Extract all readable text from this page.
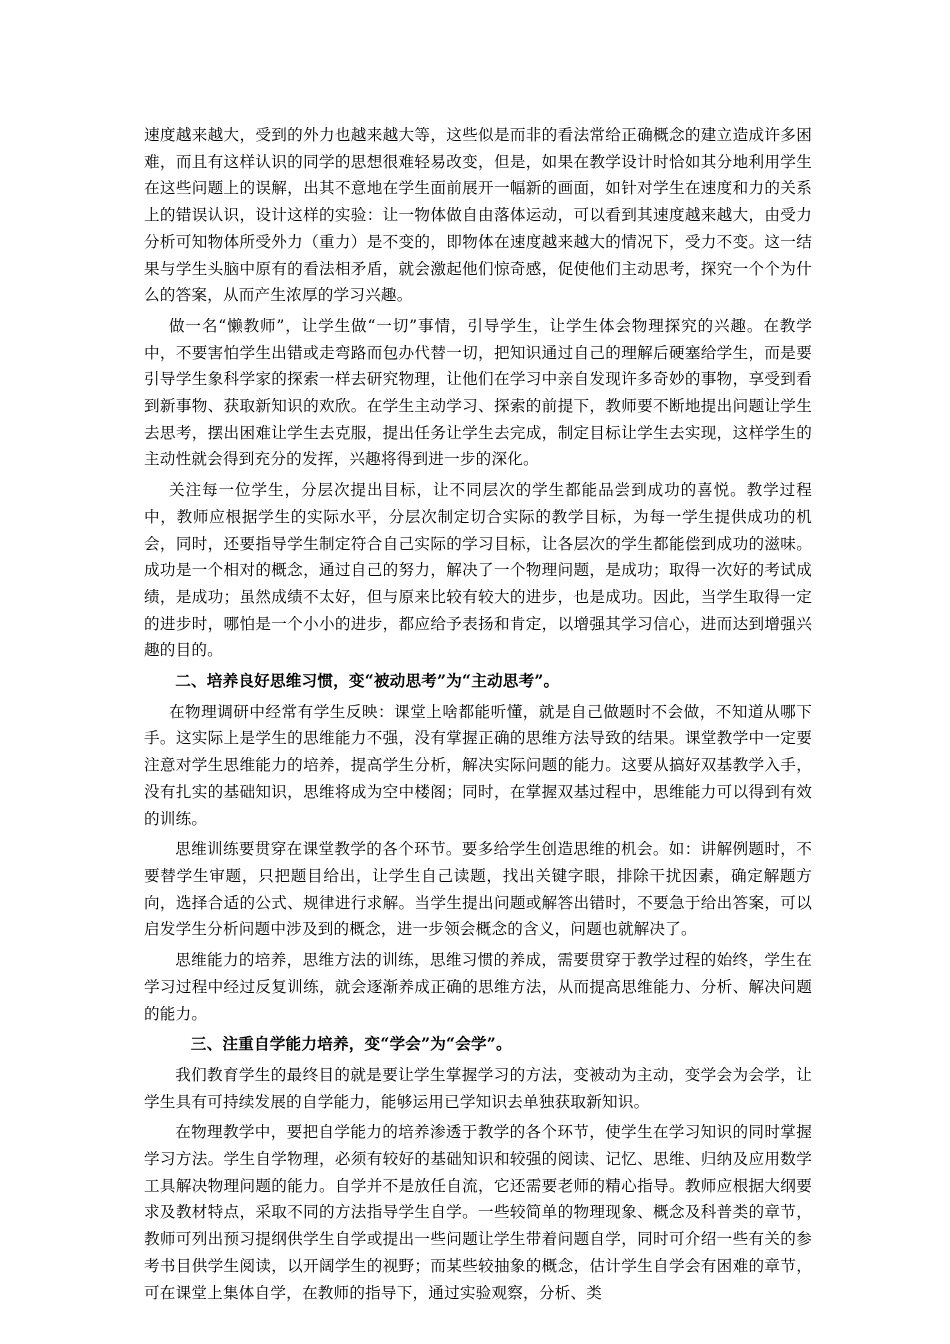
速度越来越大，受到的外力也越来越大等，这些似是而非的看法常给正确概念的建立造成许多困难，而且有这样认识的同学的思想很难轻易改变，但是，如果在教学设计时恰如其分地利用学生在这些问题上的误解，出其不意地在学生面前展开一幅新的画面，如针对学生在速度和力的关系上的错误认识，设计这样的实验：让一物体做自由落体运动，可以看到其速度越来越大，由受力分析可知物体所受外力（重力）是不变的，即物体在速度越来越大的情况下，受力不变。这一结果与学生头脑中原有的看法相矛盾，就会激起他们惊奇感，促使他们主动思考，探究一个个为什么的答案，从而产生浓厚的学习兴趣。

做一名“懒教师”，让学生做“一切”事情，引导学生，让学生体会物理探究的兴趣。在教学中，不要害怕学生出错或走弯路而包办代替一切，把知识通过自己的理解后硬塞给学生，而是要引导学生象科学家的探索一样去研究物理，让他们在学习中亲自发现许多奇妙的事物，享受到看到新事物、获取新知识的欢欣。在学生主动学习、探索的前提下，教师要不断地提出问题让学生去思考，摆出困难让学生去克服，提出任务让学生去完成，制定目标让学生去实现，这样学生的主动性就会得到充分的发挥，兴趣将得到进一步的深化。

关注每一位学生，分层次提出目标，让不同层次的学生都能品尝到成功的喜悦。教学过程中，教师应根据学生的实际水平，分层次制定切合实际的教学目标，为每一学生提供成功的机会，同时，还要指导学生制定符合自己实际的学习目标，让各层次的学生都能偿到成功的滋味。成功是一个相对的概念，通过自己的努力，解决了一个物理问题，是成功；取得一次好的考试成绩，是成功；虽然成绩不太好，但与原来比较有较大的进步，也是成功。因此，当学生取得一定的进步时，哪怕是一个小小的进步，都应给予表扬和肯定，以增强其学习信心，进而达到增强兴趣的目的。

二、培养良好思维习惯，变“被动思考”为“主动思考”。

在物理调研中经常有学生反映：课堂上啥都能听懂，就是自己做题时不会做，不知道从哪下手。这实际上是学生的思维能力不强，没有掌握正确的思维方法导致的结果。课堂教学中一定要注意对学生思维能力的培养，提高学生分析，解决实际问题的能力。这要从搞好双基教学入手，没有扎实的基础知识，思维将成为空中楼阁；同时，在掌握双基过程中，思维能力可以得到有效的训练。

思维训练要贯穿在课堂教学的各个环节。要多给学生创造思维的机会。如：讲解例题时，不要替学生审题，只把题目给出，让学生自己读题，找出关键字眼，排除干扰因素，确定解题方向，选择合适的公式、规律进行求解。当学生提出问题或解答出错时，不要急于给出答案，可以启发学生分析问题中涉及到的概念，进一步领会概念的含义，问题也就解决了。

思维能力的培养，思维方法的训练，思维习惯的养成，需要贯穿于教学过程的始终，学生在学习过程中经过反复训练，就会逐渐养成正确的思维方法，从而提高思维能力、分析、解决问题的能力。

三、注重自学能力培养，变“学会”为“会学”。

我们教育学生的最终目的就是要让学生掌握学习的方法，变被动为主动，变学会为会学，让学生具有可持续发展的自学能力，能够运用已学知识去单独获取新知识。

在物理教学中，要把自学能力的培养渗透于教学的各个环节，使学生在学习知识的同时掌握学习方法。学生自学物理，必须有较好的基础知识和较强的阅读、记忆、思维、归纳及应用数学工具解决物理问题的能力。自学并不是放任自流，它还需要老师的精心指导。教师应根据大纲要求及教材特点，采取不同的方法指导学生自学。一些较简单的物理现象、概念及科普类的章节，教师可列出预习提纲供学生自学或提出一些问题让学生带着问题自学，同时可介绍一些有关的参考书目供学生阅读，以开阔学生的视野；而某些较抽象的概念，估计学生自学会有困难的章节，可在课堂上集体自学，在教师的指导下，通过实验观察，分析、类
